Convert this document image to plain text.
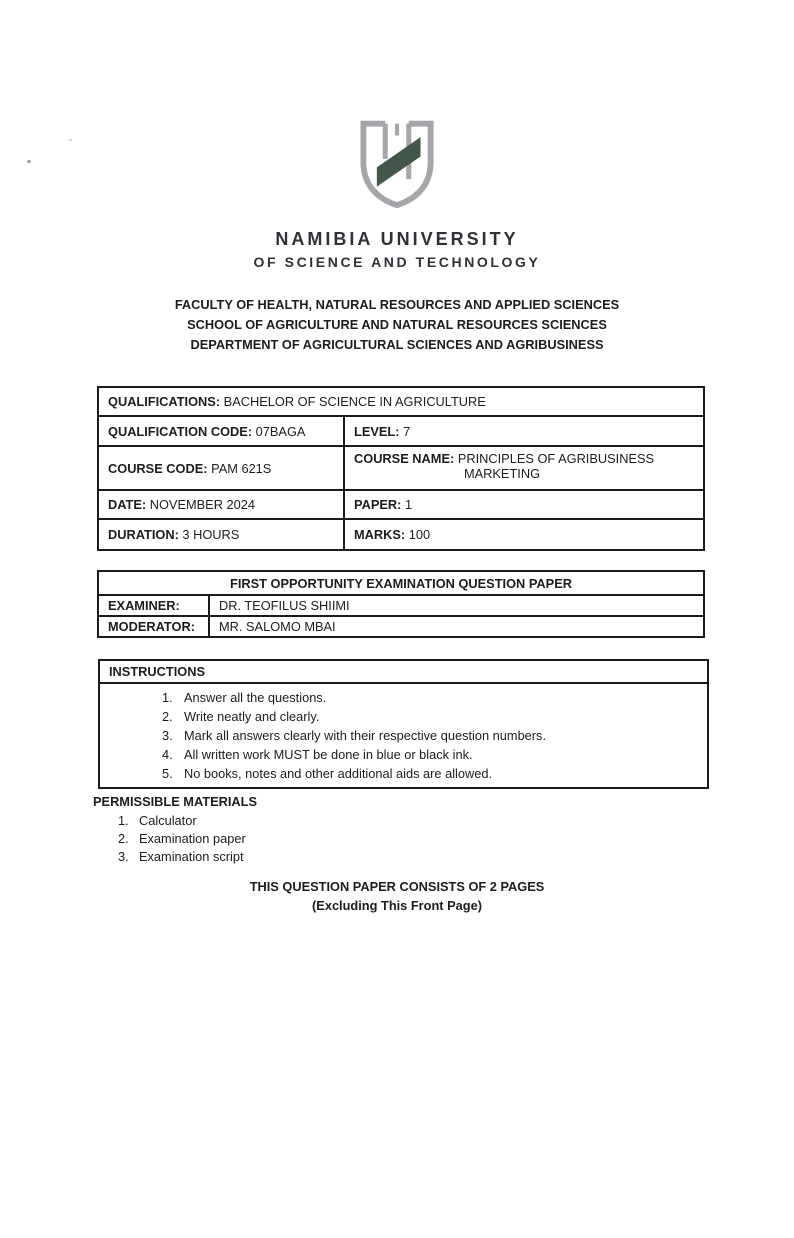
NAMIBIA UNIVERSITY
OF SCIENCE AND TECHNOLOGY
FACULTY OF HEALTH, NATURAL RESOURCES AND APPLIED SCIENCES
SCHOOL OF AGRICULTURE AND NATURAL RESOURCES SCIENCES
DEPARTMENT OF AGRICULTURAL SCIENCES AND AGRIBUSINESS
QUALIFICATIONS: BACHELOR OF SCIENCE IN AGRICULTURE	
QUALIFICATION CODE: 07BAGA	LEVEL: 7
COURSE CODE: PAM 621S	COURSE NAME: PRINCIPLES OF AGRIBUSINESS
MARKETING

DATE: NOVEMBER 2024	PAPER: 1
DURATION: 3 HOURS	MARKS: 100
FIRST OPPORTUNITY EXAMINATION QUESTION PAPER	
EXAMINER:	DR. TEOFILUS SHIIMI
MODERATOR:	MR. SALOMO MBAI
INSTRUCTIONS
Answer all the questions.
Write neatly and clearly.
Mark all answers clearly with their respective question numbers.
All written work MUST be done in blue or black ink.
No books, notes and other additional aids are allowed.
PERMISSIBLE MATERIALS
Calculator
Examination paper
Examination script
THIS QUESTION PAPER CONSISTS OF 2 PAGES
(Excluding This Front Page)
